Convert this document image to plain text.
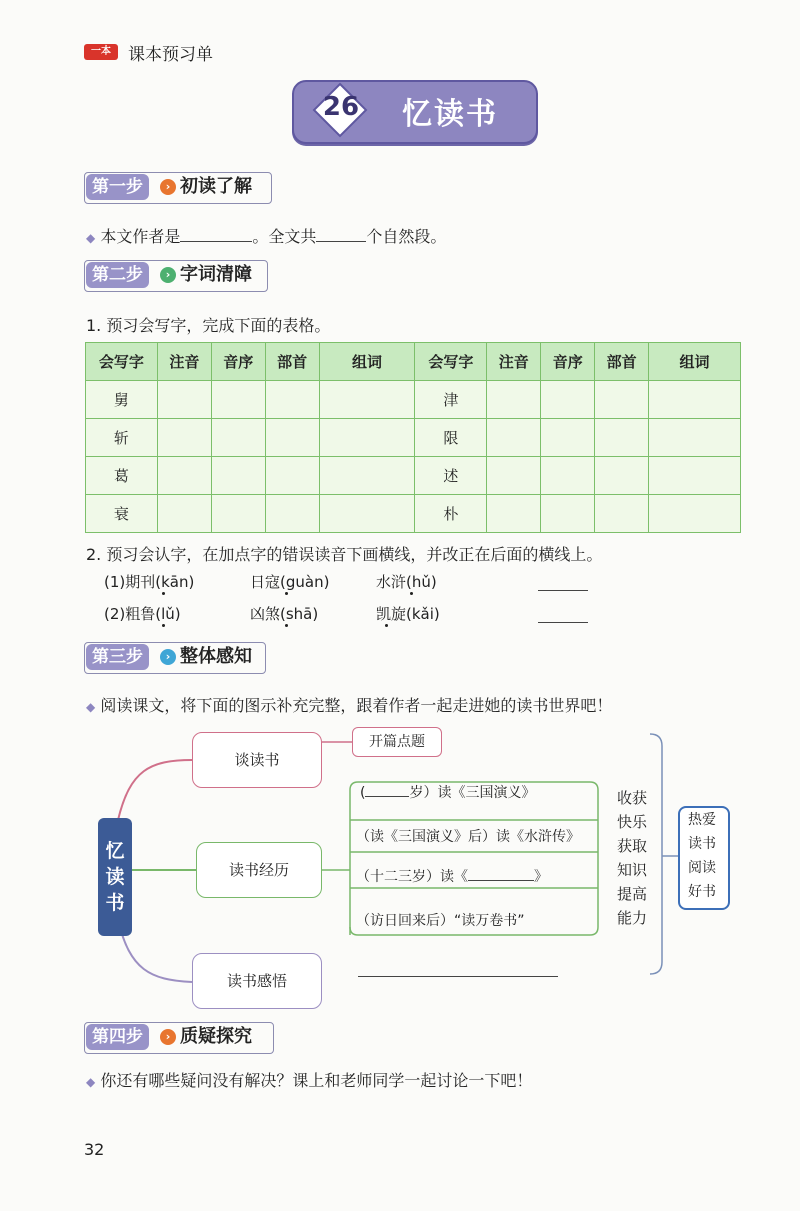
一本	课本预习单
26 忆读书
第一步	› 初读了解
◆ 本文作者是	。全文共	个自然段。
第二步	› 字词清障
1. 预习会写字，完成下面的表格。
会写字	注音	音序	部首	组词	会写字	注音	音序	部首	组词
舅					津				
斩					限				
葛					述				
衰					朴				
2. 预习会认字，在加点字的错误读音下画横线，并改正在后面的横线上。
(1)期刊(kān)	日寇(guàn)	水浒(hǔ)
(2)粗鲁(lǔ)	凶煞(shā)	凯旋(kǎi)
第三步	› 整体感知
◆ 阅读课文，将下面的图示补充完整，跟着作者一起走进她的读书世界吧！
忆读书
谈读书
开篇点题
读书经历
(	岁）读《三国演义》
（读《三国演义》后）读《水浒传》
（十二三岁）读《	》
（访日回来后）“读万卷书”
收获快乐获取知识提高能力
热爱读书阅读好书
读书感悟
第四步	› 质疑探究
◆ 你还有哪些疑问没有解决？课上和老师同学一起讨论一下吧！
32
